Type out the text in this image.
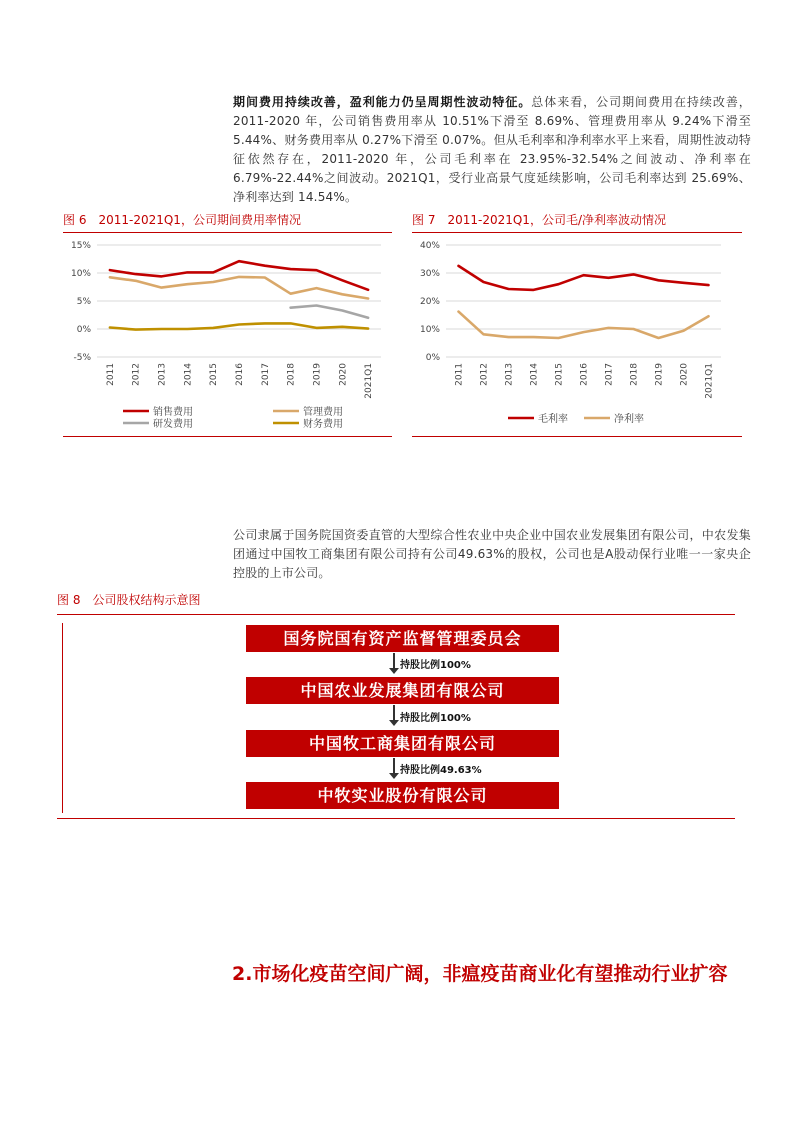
期间费用持续改善，盈利能力仍呈周期性波动特征。总体来看，公司期间费用在持续改善，2011-2020 年，公司销售费用率从 10.51%下滑至 8.69%、管理费用率从 9.24%下滑至 5.44%、财务费用率从 0.27%下滑至 0.07%。但从毛利率和净利率水平上来看，周期性波动特征依然存在，2011-2020 年，公司毛利率在 23.95%-32.54%之间波动、净利率在 6.79%-22.44%之间波动。2021Q1，受行业高景气度延续影响，公司毛利率达到 25.69%、净利率达到 14.54%。
图 6 2011-2021Q1，公司期间费用率情况	图 7 2011-2021Q1，公司毛/净利率波动情况
15%
10%
5%
0%
-5%
2011 2012 2013 2014 2015 2016 2017 2018 2019 2020 2021Q1
销售费用	管理费用
研发费用	财务费用
40%
30%
20%
10%
0%
2011 2012 2013 2014 2015 2016 2017 2018 2019 2020 2021Q1
毛利率	净利率
公司隶属于国务院国资委直管的大型综合性农业中央企业中国农业发展集团有限公司，中农发集团通过中国牧工商集团有限公司持有公司49.63%的股权，公司也是A股动保行业唯一一家央企控股的上市公司。
图 8 公司股权结构示意图
国务院国有资产监督管理委员会
持股比例100%
中国农业发展集团有限公司
持股比例100%
中国牧工商集团有限公司
持股比例49.63%
中牧实业股份有限公司
2.市场化疫苗空间广阔，非瘟疫苗商业化有望推动行业扩容
